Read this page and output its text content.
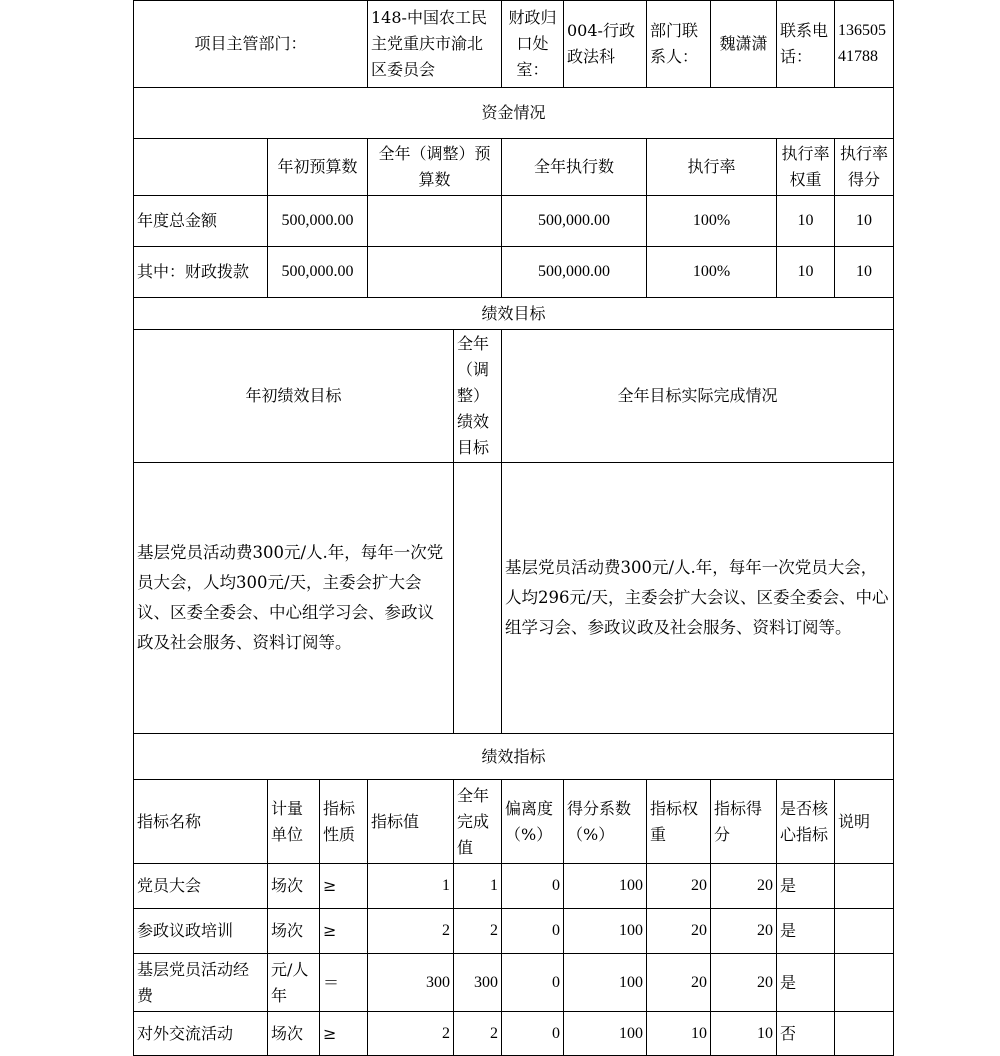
项目主管部门：			148-中国农工民主党重庆市渝北区委员会		财政归口处室：	004-行政政法科	部门联系人：	魏潇潇	联系电话：	13650541788
资金情况										
	年初预算数		全年（调整）预算数		全年执行数		执行率		执行率权重	执行率得分
年度总金额	500,000.00				500,000.00		100%		10	10
其中：财政拨款	500,000.00				500,000.00		100%		10	10
绩效目标										
年初绩效目标				全年（调整）绩效目标	全年目标实际完成情况					
基层党员活动费300元/人.年，每年一次党员大会，人均300元/天，主委会扩大会议、区委全委会、中心组学习会、参政议政及社会服务、资料订阅等。					基层党员活动费300元/人.年，每年一次党员大会，人均296元/天，主委会扩大会议、区委全委会、中心组学习会、参政议政及社会服务、资料订阅等。					
绩效指标										
指标名称	计量单位	指标性质	指标值	全年完成值	偏离度（%）	得分系数（%）	指标权重	指标得分	是否核心指标	说明
党员大会	场次	≥	1	1	0	100	20	20	是	
参政议政培训	场次	≥	2	2	0	100	20	20	是	
基层党员活动经费	元/人年	＝	300	300	0	100	20	20	是	
对外交流活动	场次	≥	2	2	0	100	10	10	否	
